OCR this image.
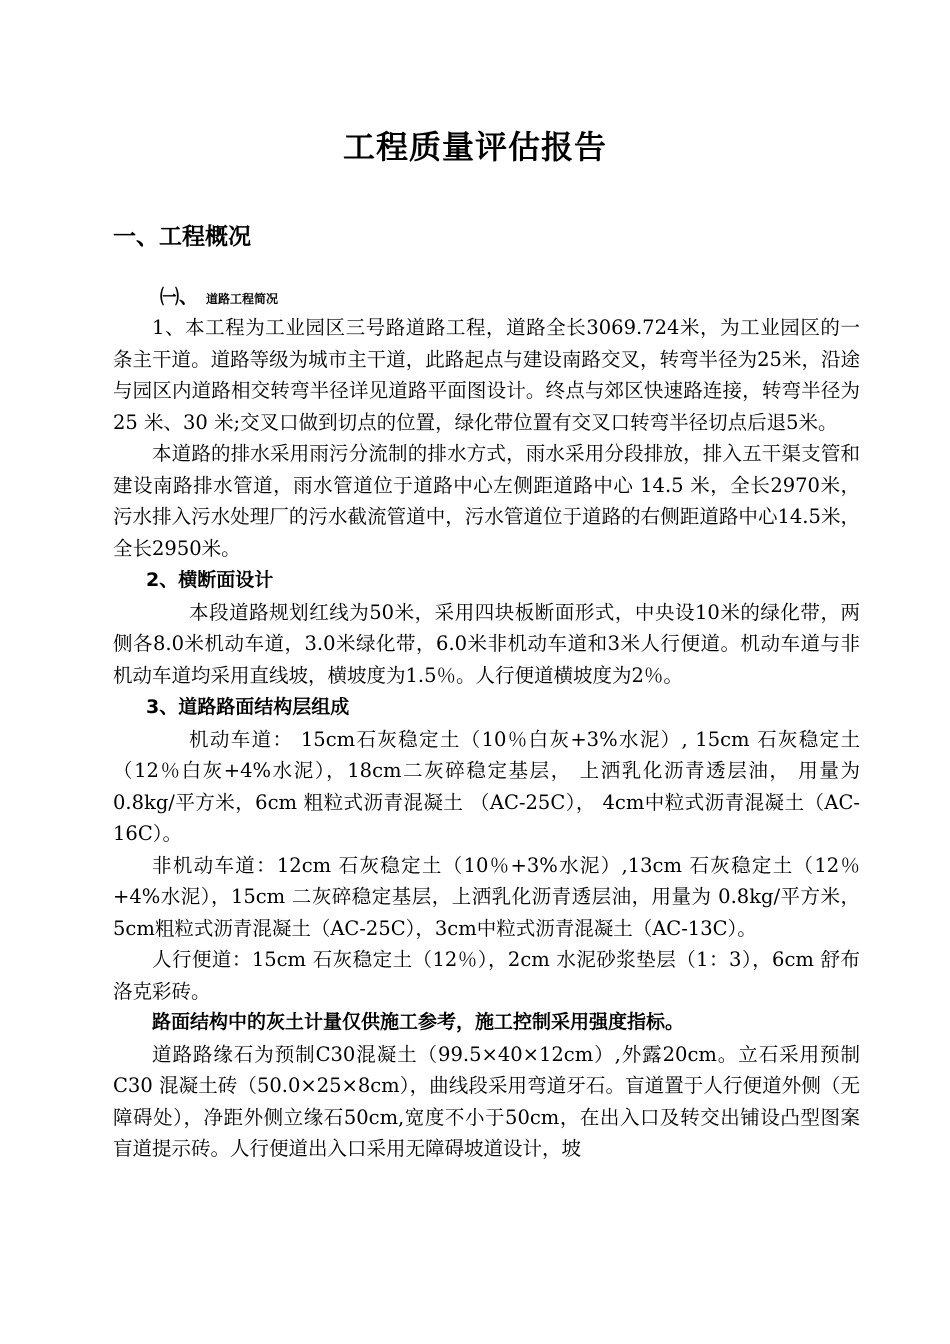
工程质量评估报告
一、工程概况
㈠、 道路工程简况

1、本工程为工业园区三号路道路工程，道路全长3069.724米，为工业园区的一条主干道。道路等级为城市主干道，此路起点与建设南路交叉，转弯半径为25米，沿途与园区内道路相交转弯半径详见道路平面图设计。终点与郊区快速路连接，转弯半径为 25 米、30 米;交叉口做到切点的位置，绿化带位置有交叉口转弯半径切点后退5米。

本道路的排水采用雨污分流制的排水方式，雨水采用分段排放，排入五干渠支管和建设南路排水管道，雨水管道位于道路中心左侧距道路中心 14.5 米，全长2970米，污水排入污水处理厂的污水截流管道中，污水管道位于道路的右侧距道路中心14.5米，全长2950米。

2、横断面设计

本段道路规划红线为50米，采用四块板断面形式，中央设10米的绿化带，两侧各8.0米机动车道，3.0米绿化带，6.0米非机动车道和3米人行便道。机动车道与非机动车道均采用直线坡，横坡度为1.5％。人行便道横坡度为2％。

3、道路路面结构层组成

机动车道： 15cm石灰稳定土（10％白灰+3%水泥）, 15cm 石灰稳定土（12％白灰+4%水泥），18cm二灰碎稳定基层， 上洒乳化沥青透层油， 用量为0.8kg/平方米，6cm 粗粒式沥青混凝土 （AC-25C）， 4cm中粒式沥青混凝土（AC-16C）。

非机动车道：12cm 石灰稳定土（10％+3%水泥）,13cm 石灰稳定土（12％+4%水泥），15cm 二灰碎稳定基层，上洒乳化沥青透层油，用量为 0.8kg/平方米，5cm粗粒式沥青混凝土（AC-25C），3cm中粒式沥青混凝土（AC-13C）。

人行便道：15cm 石灰稳定土（12％），2cm 水泥砂浆垫层（1：3），6cm 舒布洛克彩砖。

路面结构中的灰土计量仅供施工参考，施工控制采用强度指标。

道路路缘石为预制C30混凝土（99.5×40×12cm）,外露20cm。立石采用预制 C30 混凝土砖（50.0×25×8cm），曲线段采用弯道牙石。盲道置于人行便道外侧（无障碍处），净距外侧立缘石50cm,宽度不小于50cm，在出入口及转交出铺设凸型图案盲道提示砖。人行便道出入口采用无障碍坡道设计，坡
